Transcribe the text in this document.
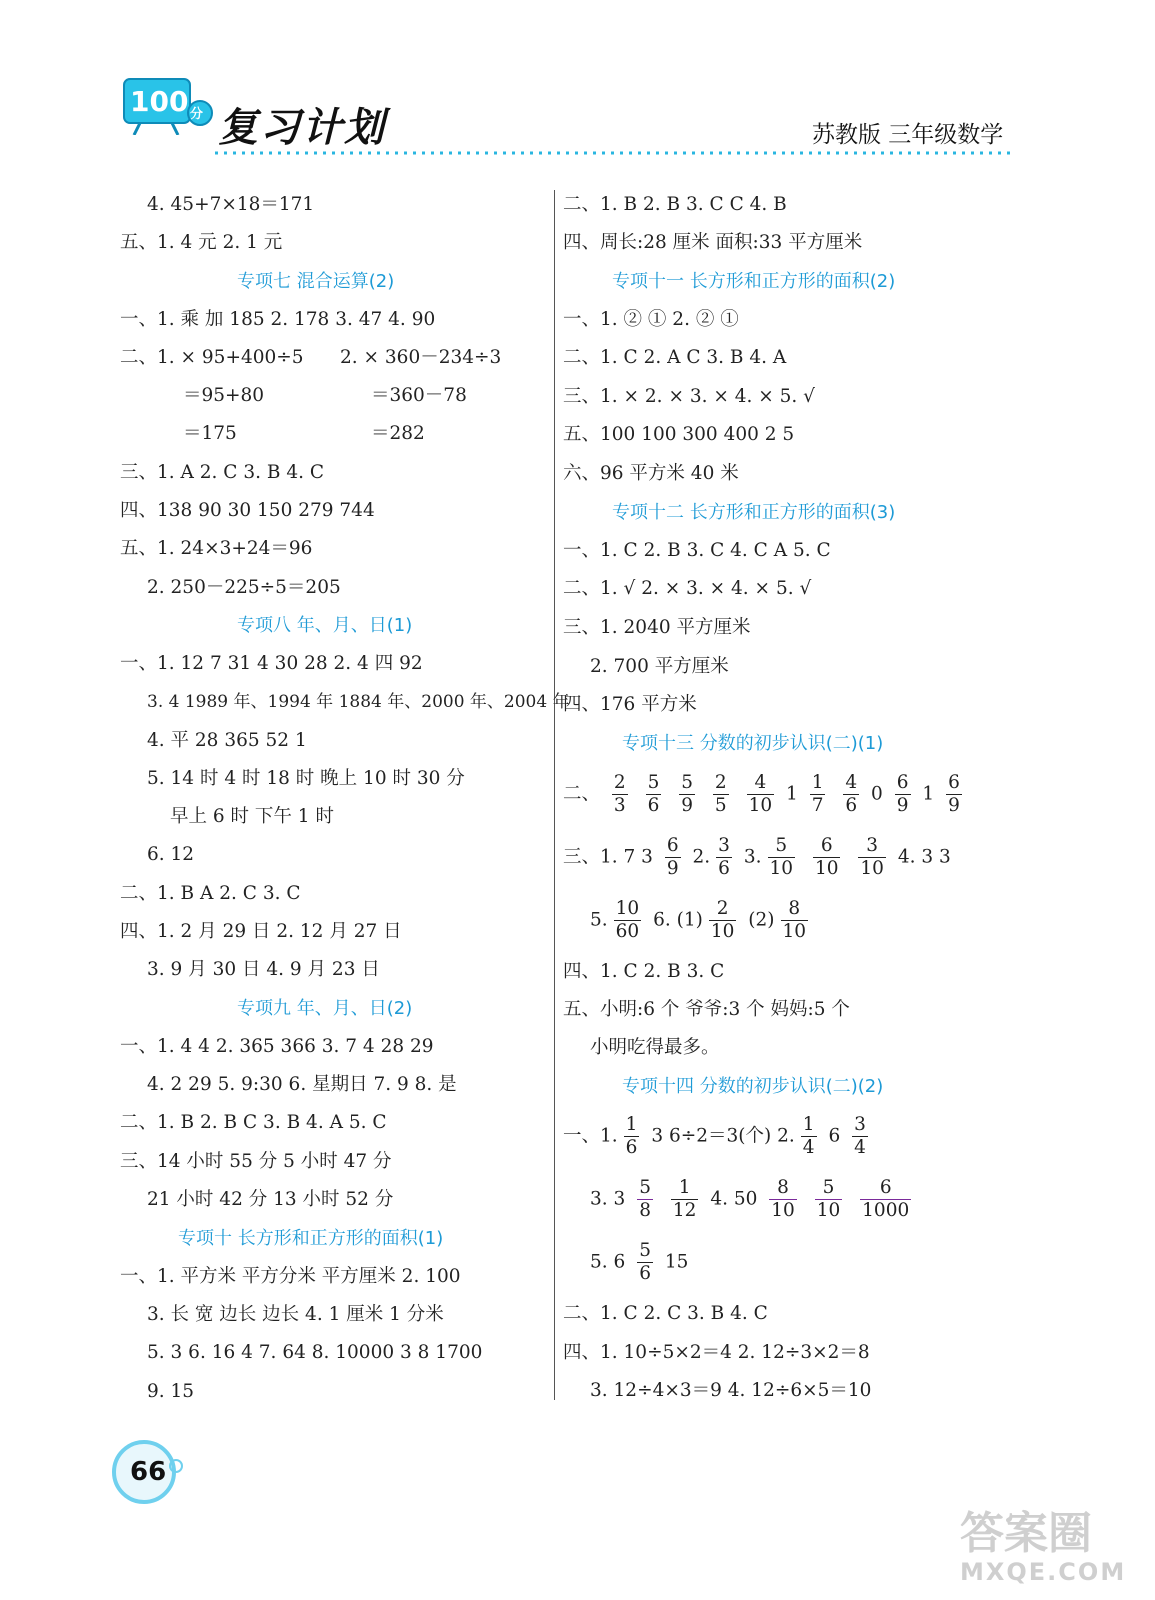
100 分 复习计划	苏教版 三年级数学
4. 45+7×18＝171
五、1. 4 元 2. 1 元
专项七 混合运算(2)
一、1. 乘 加 185 2. 178 3. 47 4. 90
二、1. × 95+400÷5 2. × 360－234÷3
＝95+80	＝360－78
＝175	＝282
三、1. A 2. C 3. B 4. C
四、138 90 30 150 279 744
五、1. 24×3+24＝96
2. 250－225÷5＝205
专项八 年、月、日(1)
一、1. 12 7 31 4 30 28 2. 4 四 92
3. 4 1989 年、1994 年 1884 年、2000 年、2004 年
4. 平 28 365 52 1
5. 14 时 4 时 18 时 晚上 10 时 30 分
早上 6 时 下午 1 时
6. 12
二、1. B A 2. C 3. C
四、1. 2 月 29 日 2. 12 月 27 日
3. 9 月 30 日 4. 9 月 23 日
专项九 年、月、日(2)
一、1. 4 4 2. 365 366 3. 7 4 28 29
4. 2 29 5. 9:30 6. 星期日 7. 9 8. 是
二、1. B 2. B C 3. B 4. A 5. C
三、14 小时 55 分 5 小时 47 分
21 小时 42 分 13 小时 52 分
专项十 长方形和正方形的面积(1)
一、1. 平方米 平方分米 平方厘米 2. 100
3. 长 宽 边长 边长 4. 1 厘米 1 分米
5. 3 6. 16 4 7. 64 8. 10000 3 8 1700
9. 15
二、1. B 2. B 3. C C 4. B
四、周长:28 厘米 面积:33 平方厘米
专项十一 长方形和正方形的面积(2)
一、1. ② ① 2. ② ①
二、1. C 2. A C 3. B 4. A
三、1. × 2. × 3. × 4. × 5. √
五、100 100 300 400 2 5
六、96 平方米 40 米
专项十二 长方形和正方形的面积(3)
一、1. C 2. B 3. C 4. C A 5. C
二、1. √ 2. × 3. × 4. × 5. √
三、1. 2040 平方厘米
2. 700 平方厘米
四、176 平方米
专项十三 分数的初步认识(二)(1)
二、 $\frac{2}{3}$
$\frac{5}{6}$
$\frac{5}{9}$
$\frac{2}{5}$
$\frac{4}{10} 1 \frac{1}{7}$
$\frac{4}{6} 0 \frac{6}{9} 1 \frac{6}{9}$
三、1. 7 $3 \frac{6}{9} 2$. $\frac{3}{6} 3$. $\frac{5}{10}$
$\frac{6}{10}$
$\frac{3}{10} 4$. 3 3
5. $\frac{10}{60} 6$. $(1) \frac{2}{10} (2) \frac{8}{10}$
四、1. C 2. B 3. C
五、小明:6 个 爷爷:3 个 妈妈:5 个
小明吃得最多。
专项十四 分数的初步认识(二)(2)
一、1. $\frac{1}{6} 3$ 6÷2＝3(个) 2. $\frac{1}{4} 6 \frac{3}{4}$
3. $3 \frac{5}{8}$
$\frac{1}{12} 4$. $50 \frac{8}{10}$
$\frac{5}{10}$
$\frac{6}{1000}$
5. $6 \frac{5}{6} 15$
二、1. C 2. C 3. B 4. C
四、1. 10÷5×2＝4 2. 12÷3×2＝8
3. 12÷4×3＝9 4. 12÷6×5＝10
66
答案圈
MXQE.COM
